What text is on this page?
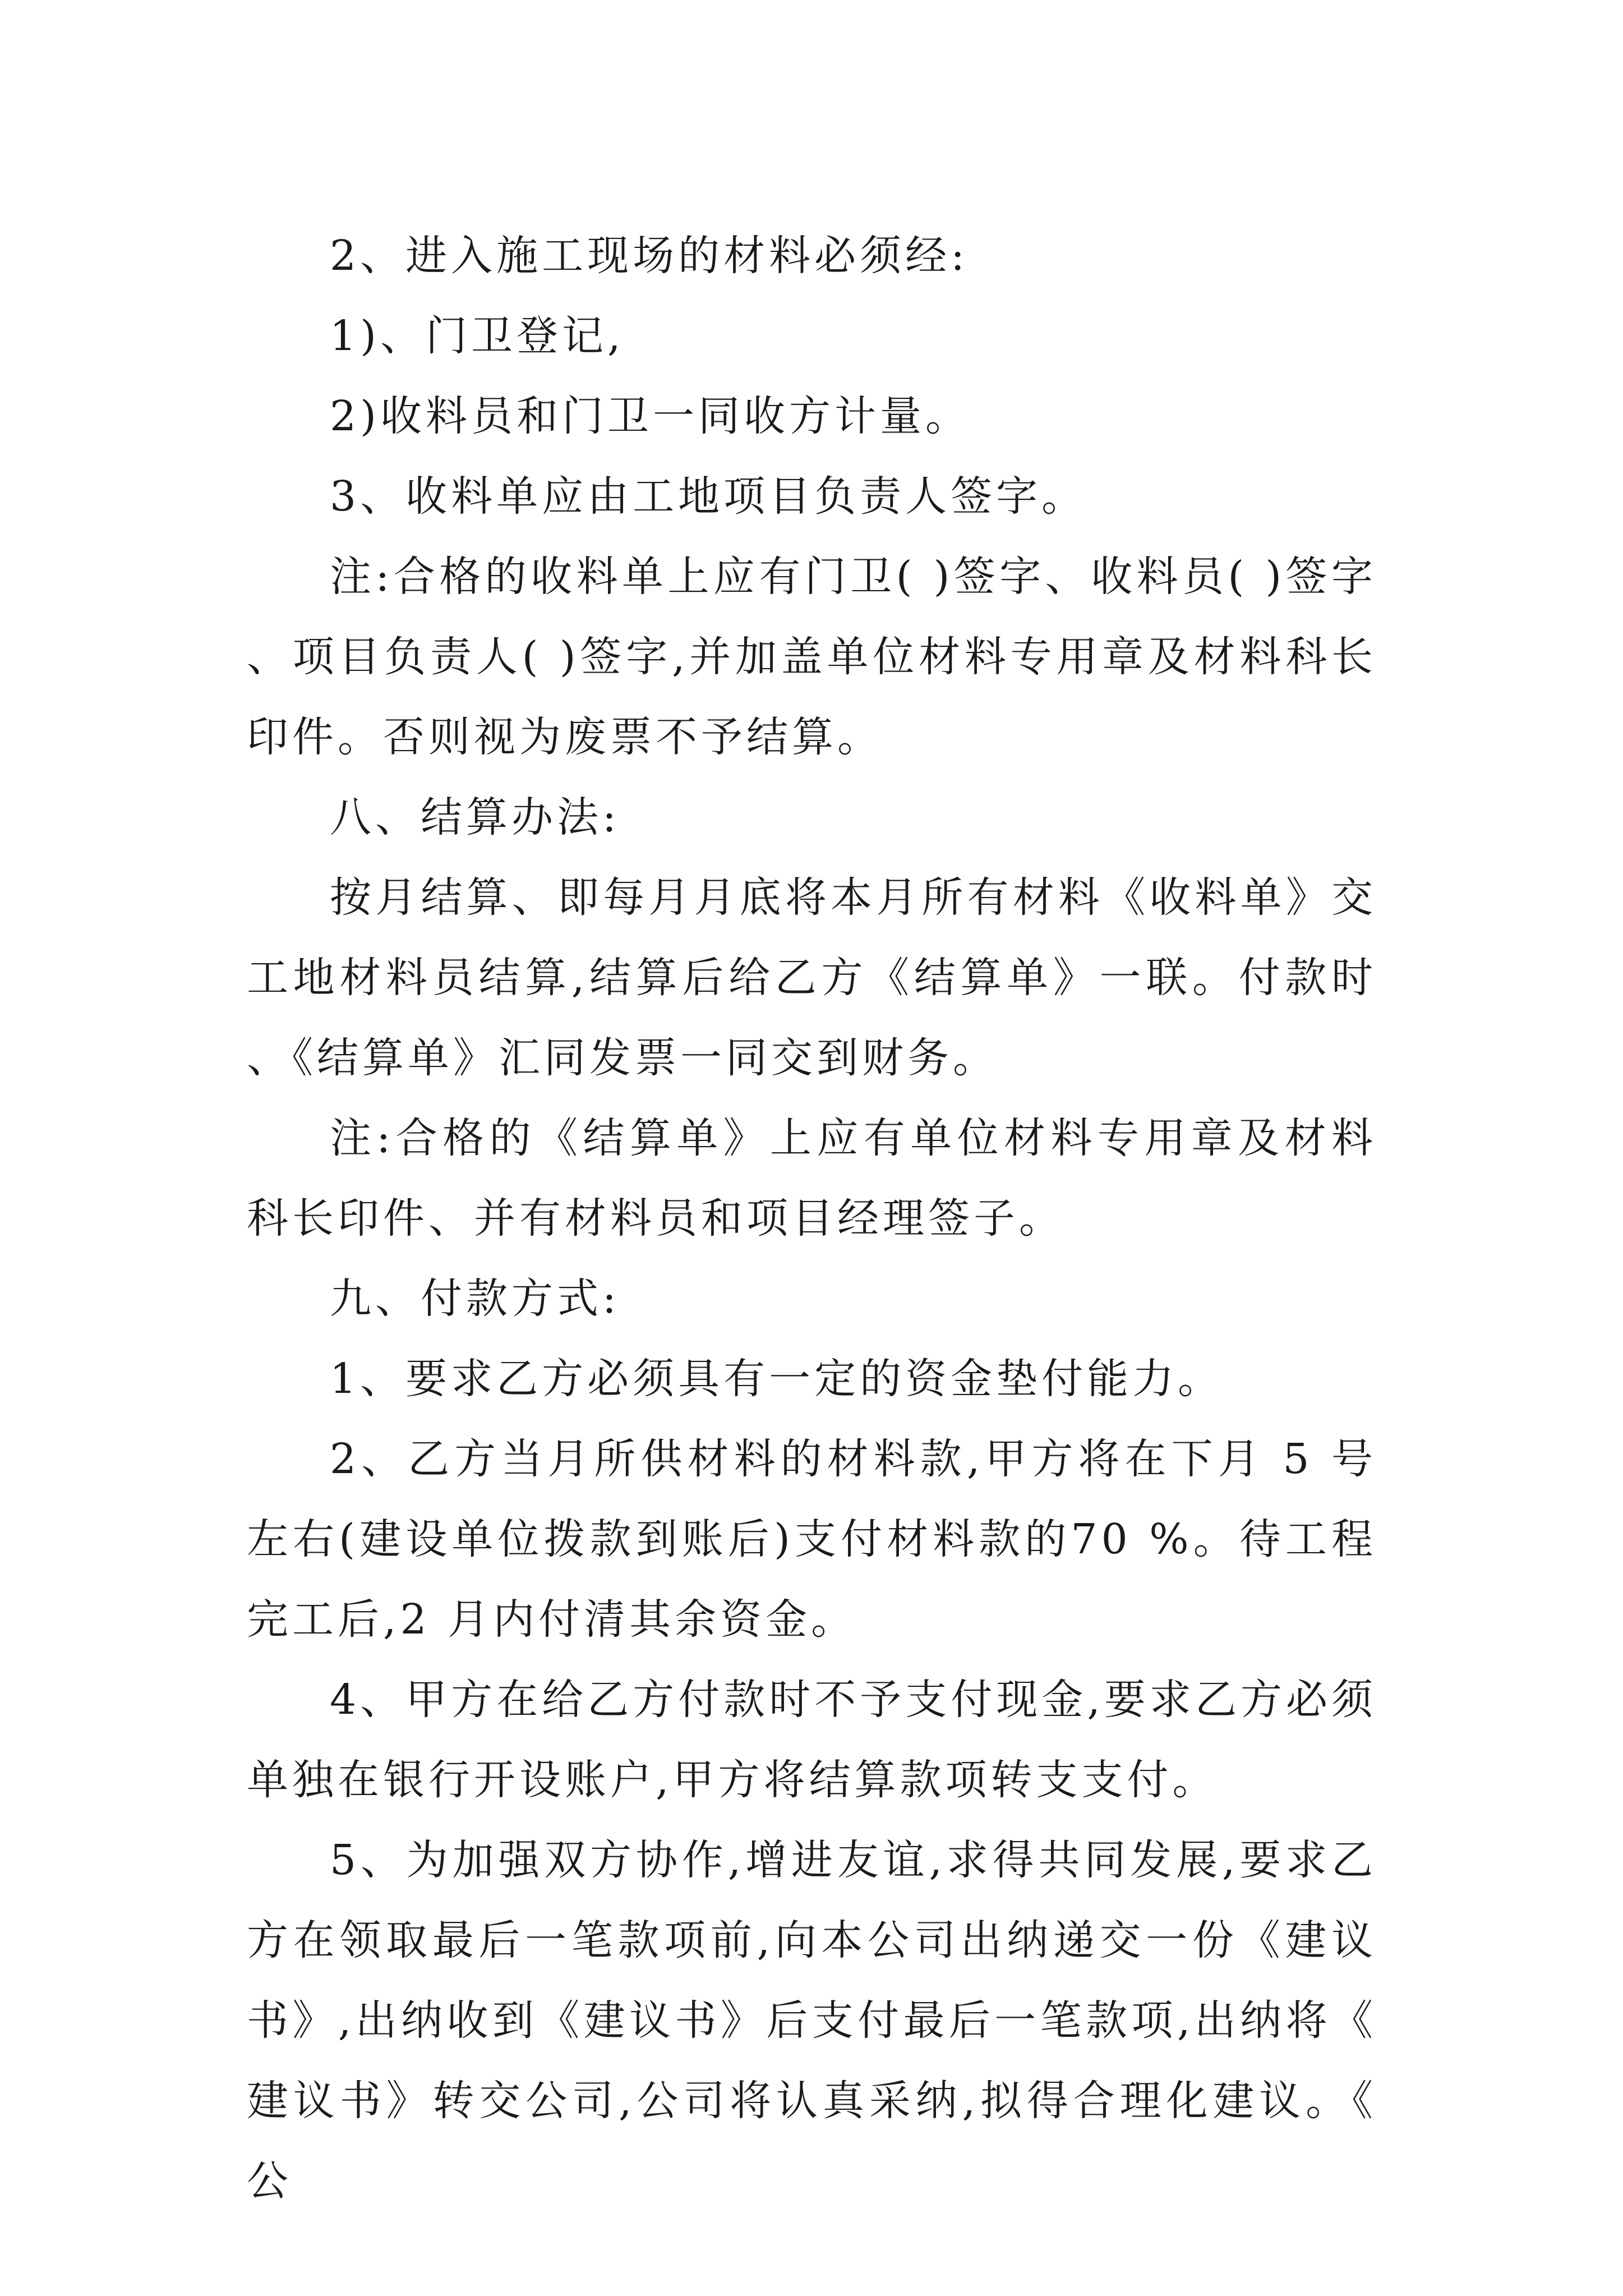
2、进入施工现场的材料必须经:

1)、门卫登记,

2)收料员和门卫一同收方计量。

3、收料单应由工地项目负责人签字。

注:合格的收料单上应有门卫( )签字、收料员( )签字、项目负责人( )签字,并加盖单位材料专用章及材料科长印件。否则视为废票不予结算。

八、结算办法:

按月结算、即每月月底将本月所有材料《收料单》交工地材料员结算,结算后给乙方《结算单》一联。付款时、《结算单》汇同发票一同交到财务。

注:合格的《结算单》上应有单位材料专用章及材料科长印件、并有材料员和项目经理签子。

九、付款方式:

1、要求乙方必须具有一定的资金垫付能力。

2、乙方当月所供材料的材料款,甲方将在下月 5 号左右(建设单位拨款到账后)支付材料款的70 %。待工程完工后,2 月内付清其余资金。

4、甲方在给乙方付款时不予支付现金,要求乙方必须单独在银行开设账户,甲方将结算款项转支支付。

5、为加强双方协作,增进友谊,求得共同发展,要求乙方在领取最后一笔款项前,向本公司出纳递交一份《建议书》,出纳收到《建议书》后支付最后一笔款项,出纳将《建议书》转交公司,公司将认真采纳,拟得合理化建议。《公
